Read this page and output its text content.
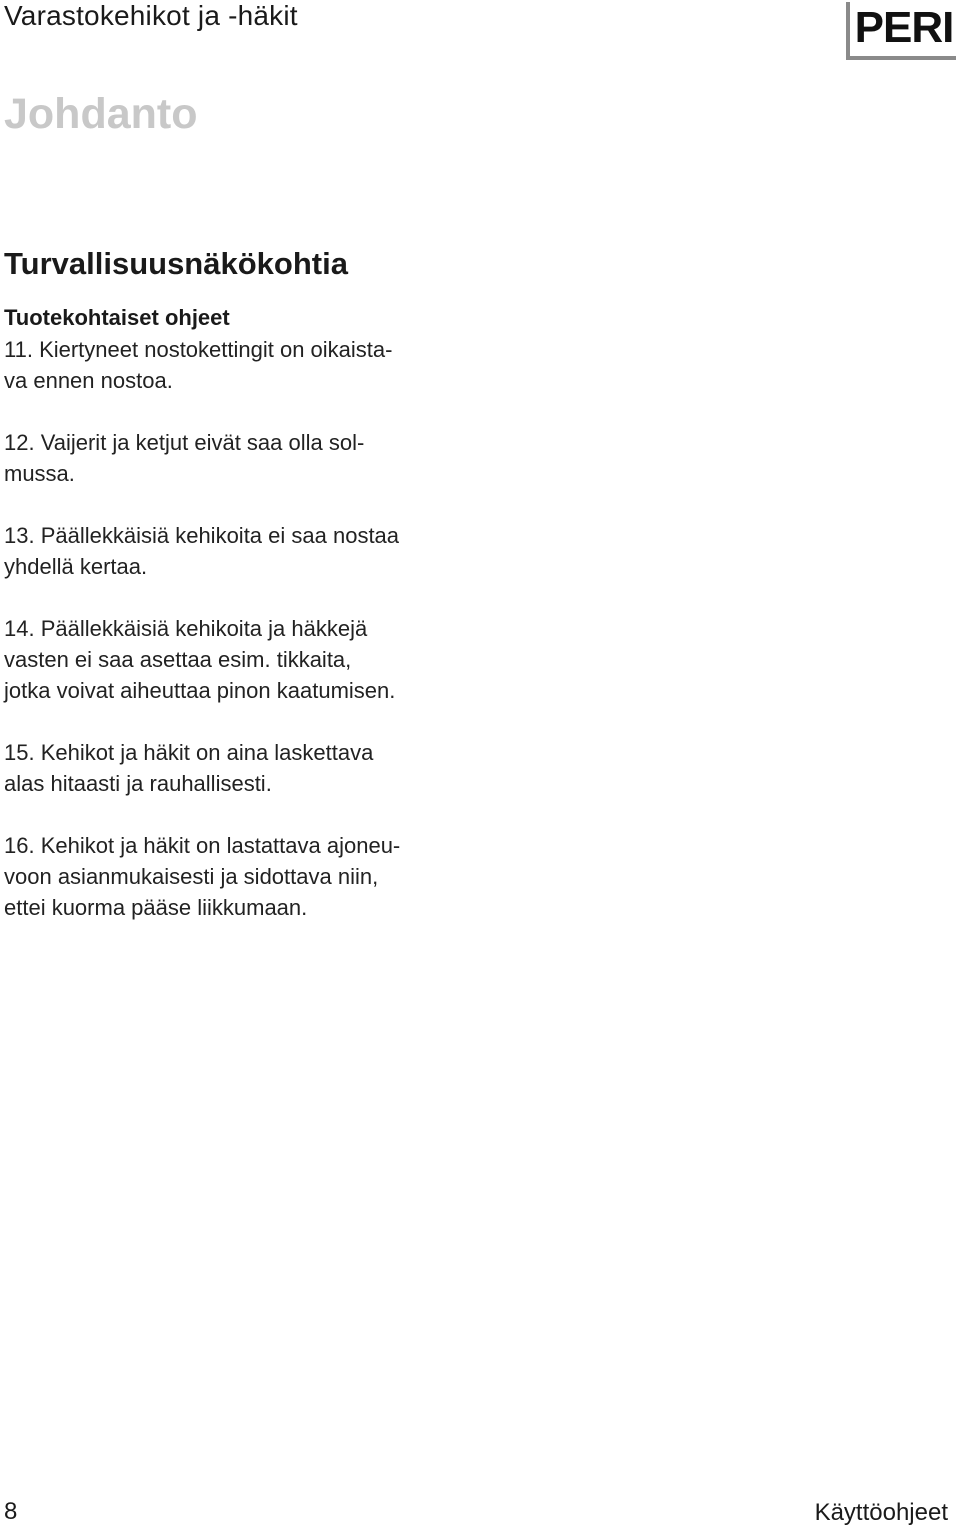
Varastokehikot ja -häkit	PERI
Johdanto
Turvallisuusnäkökohtia
Tuotekohtaiset ohjeet

11. Kiertyneet nostokettingit on oikaista-
va ennen nostoa.

12. Vaijerit ja ketjut eivät saa olla sol-
mussa.

13. Päällekkäisiä kehikoita ei saa nostaa
yhdellä kertaa.

14. Päällekkäisiä kehikoita ja häkkejä
vasten ei saa asettaa esim. tikkaita,
jotka voivat aiheuttaa pinon kaatumisen.

15. Kehikot ja häkit on aina laskettava
alas hitaasti ja rauhallisesti.

16. Kehikot ja häkit on lastattava ajoneu-
voon asianmukaisesti ja sidottava niin,
ettei kuorma pääse liikkumaan.

8	Käyttöohjeet
